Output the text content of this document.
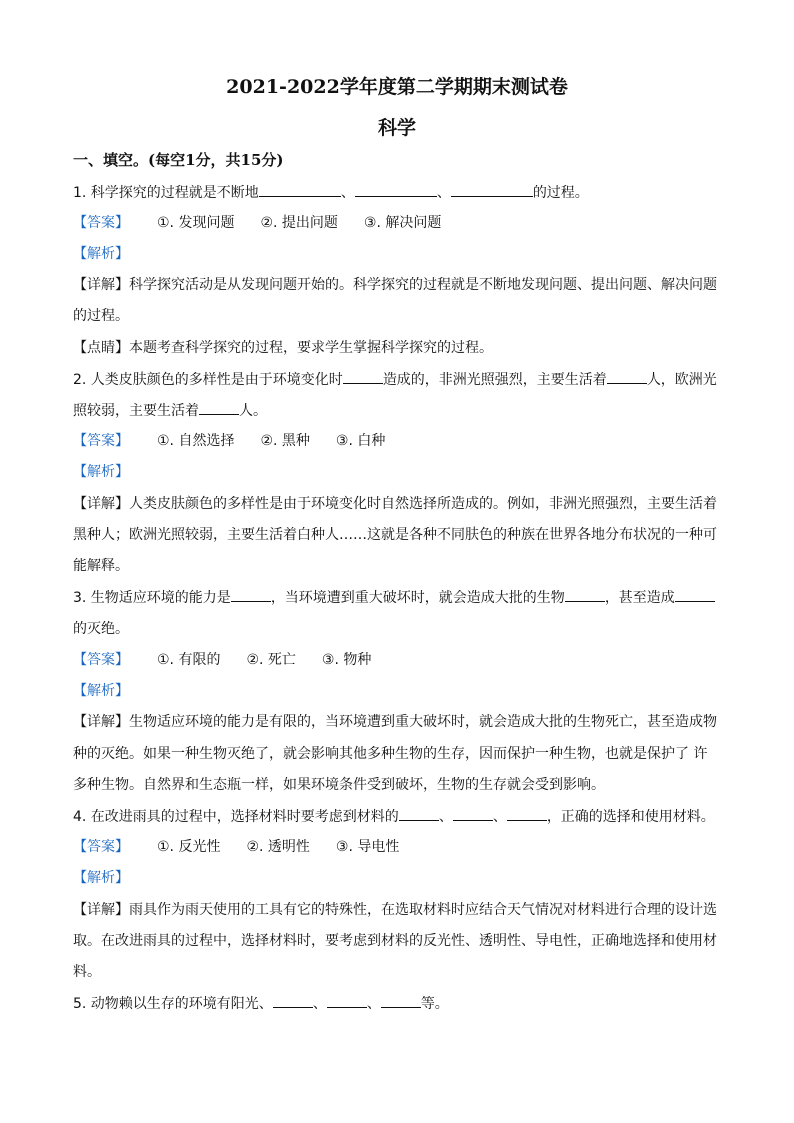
2021-2022学年度第二学期期末测试卷
科学
一、填空。(每空1分，共15分)
1. 科学探究的过程就是不断地	、	、	的过程。
【答案】 ①. 发现问题 ②. 提出问题 ③. 解决问题
【解析】
【详解】科学探究活动是从发现问题开始的。科学探究的过程就是不断地发现问题、提出问题、解决问题
的过程。
【点睛】本题考查科学探究的过程，要求学生掌握科学探究的过程。
2. 人类皮肤颜色的多样性是由于环境变化时	造成的，非洲光照强烈，主要生活着	人，欧洲光
照较弱，主要生活着	人。
【答案】 ①. 自然选择 ②. 黑种 ③. 白种
【解析】
【详解】人类皮肤颜色的多样性是由于环境变化时自然选择所造成的。例如，非洲光照强烈，主要生活着
黑种人；欧洲光照较弱，主要生活着白种人……这就是各种不同肤色的种族在世界各地分布状况的一种可
能解释。
3. 生物适应环境的能力是	，当环境遭到重大破坏时，就会造成大批的生物	，甚至造成
的灭绝。
【答案】 ①. 有限的 ②. 死亡 ③. 物种
【解析】
【详解】生物适应环境的能力是有限的，当环境遭到重大破坏时，就会造成大批的生物死亡，甚至造成物
种的灭绝。如果一种生物灭绝了，就会影响其他多种生物的生存，因而保护一种生物，也就是保护了 许
多种生物。自然界和生态瓶一样，如果环境条件受到破坏，生物的生存就会受到影响。
4. 在改进雨具的过程中，选择材料时要考虑到材料的	、	、	，正确的选择和使用材料。
【答案】 ①. 反光性 ②. 透明性 ③. 导电性
【解析】
【详解】雨具作为雨天使用的工具有它的特殊性，在选取材料时应结合天气情况对材料进行合理的设计选
取。在改进雨具的过程中，选择材料时，要考虑到材料的反光性、透明性、导电性，正确地选择和使用材
料。
5. 动物赖以生存的环境有阳光、	、	、	等。
